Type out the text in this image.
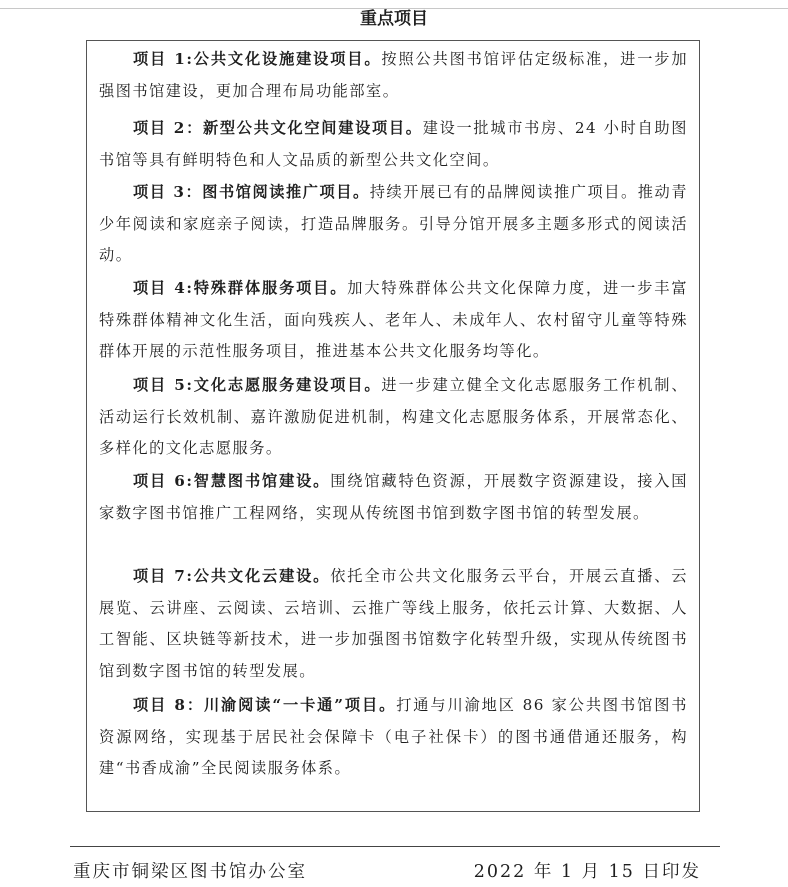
重点项目
项目 1:公共文化设施建设项目。按照公共图书馆评估定级标准，进一步加强图书馆建设，更加合理布局功能部室。
项目 2：新型公共文化空间建设项目。建设一批城市书房、24 小时自助图书馆等具有鲜明特色和人文品质的新型公共文化空间。
项目 3：图书馆阅读推广项目。持续开展已有的品牌阅读推广项目。推动青少年阅读和家庭亲子阅读，打造品牌服务。引导分馆开展多主题多形式的阅读活动。
项目 4:特殊群体服务项目。加大特殊群体公共文化保障力度，进一步丰富特殊群体精神文化生活，面向残疾人、老年人、未成年人、农村留守儿童等特殊群体开展的示范性服务项目，推进基本公共文化服务均等化。
项目 5:文化志愿服务建设项目。进一步建立健全文化志愿服务工作机制、活动运行长效机制、嘉许激励促进机制，构建文化志愿服务体系，开展常态化、多样化的文化志愿服务。
项目 6:智慧图书馆建设。围绕馆藏特色资源，开展数字资源建设，接入国家数字图书馆推广工程网络，实现从传统图书馆到数字图书馆的转型发展。
项目 7:公共文化云建设。依托全市公共文化服务云平台，开展云直播、云展览、云讲座、云阅读、云培训、云推广等线上服务，依托云计算、大数据、人工智能、区块链等新技术，进一步加强图书馆数字化转型升级，实现从传统图书馆到数字图书馆的转型发展。
项目 8：川渝阅读“一卡通”项目。打通与川渝地区 86 家公共图书馆图书资源网络，实现基于居民社会保障卡（电子社保卡）的图书通借通还服务，构建“书香成渝”全民阅读服务体系。
重庆市铜梁区图书馆办公室	2022 年 1 月 15 日印发
